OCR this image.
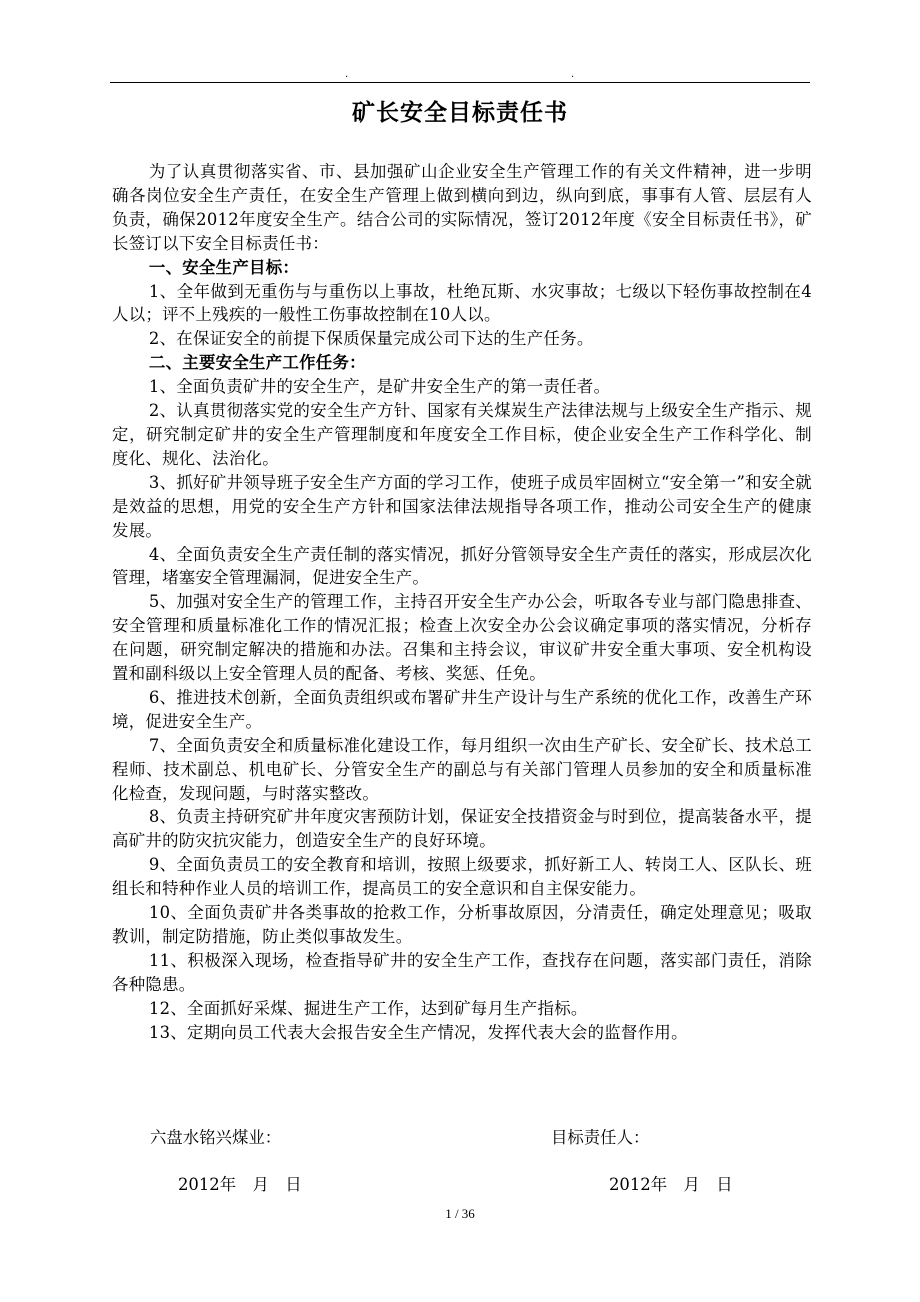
.	.
矿长安全目标责任书

为了认真贯彻落实省、市、县加强矿山企业安全生产管理工作的有关文件精神，进一步明确各岗位安全生产责任，在安全生产管理上做到横向到边，纵向到底，事事有人管、层层有人负责，确保2012年度安全生产。结合公司的实际情况，签订2012年度《安全目标责任书》，矿长签订以下安全目标责任书：

一、安全生产目标：

1、全年做到无重伤与与重伤以上事故，杜绝瓦斯、水灾事故；七级以下轻伤事故控制在4人以；评不上残疾的一般性工伤事故控制在10人以。

2、在保证安全的前提下保质保量完成公司下达的生产任务。

二、主要安全生产工作任务：

1、全面负责矿井的安全生产，是矿井安全生产的第一责任者。

2、认真贯彻落实党的安全生产方针、国家有关煤炭生产法律法规与上级安全生产指示、规定，研究制定矿井的安全生产管理制度和年度安全工作目标，使企业安全生产工作科学化、制度化、规化、法治化。

3、抓好矿井领导班子安全生产方面的学习工作，使班子成员牢固树立“安全第一”和安全就是效益的思想，用党的安全生产方针和国家法律法规指导各项工作，推动公司安全生产的健康发展。

4、全面负责安全生产责任制的落实情况，抓好分管领导安全生产责任的落实，形成层次化管理，堵塞安全管理漏洞，促进安全生产。

5、加强对安全生产的管理工作，主持召开安全生产办公会，听取各专业与部门隐患排查、安全管理和质量标准化工作的情况汇报；检查上次安全办公会议确定事项的落实情况，分析存在问题，研究制定解决的措施和办法。召集和主持会议，审议矿井安全重大事项、安全机构设置和副科级以上安全管理人员的配备、考核、奖惩、任免。

6、推进技术创新，全面负责组织或布署矿井生产设计与生产系统的优化工作，改善生产环境，促进安全生产。

7、全面负责安全和质量标准化建设工作，每月组织一次由生产矿长、安全矿长、技术总工程师、技术副总、机电矿长、分管安全生产的副总与有关部门管理人员参加的安全和质量标准化检查，发现问题，与时落实整改。

8、负责主持研究矿井年度灾害预防计划，保证安全技措资金与时到位，提高装备水平，提高矿井的防灾抗灾能力，创造安全生产的良好环境。

9、全面负责员工的安全教育和培训，按照上级要求，抓好新工人、转岗工人、区队长、班组长和特种作业人员的培训工作，提高员工的安全意识和自主保安能力。

10、全面负责矿井各类事故的抢救工作，分析事故原因，分清责任，确定处理意见；吸取教训，制定防措施，防止类似事故发生。

11、积极深入现场，检查指导矿井的安全生产工作，查找存在问题，落实部门责任，消除各种隐患。

12、全面抓好采煤、掘进生产工作，达到矿每月生产指标。

13、定期向员工代表大会报告安全生产情况，发挥代表大会的监督作用。

六盘水铭兴煤业：	目标责任人：
2012年　月　日	2012年　月　日
1 / 36
